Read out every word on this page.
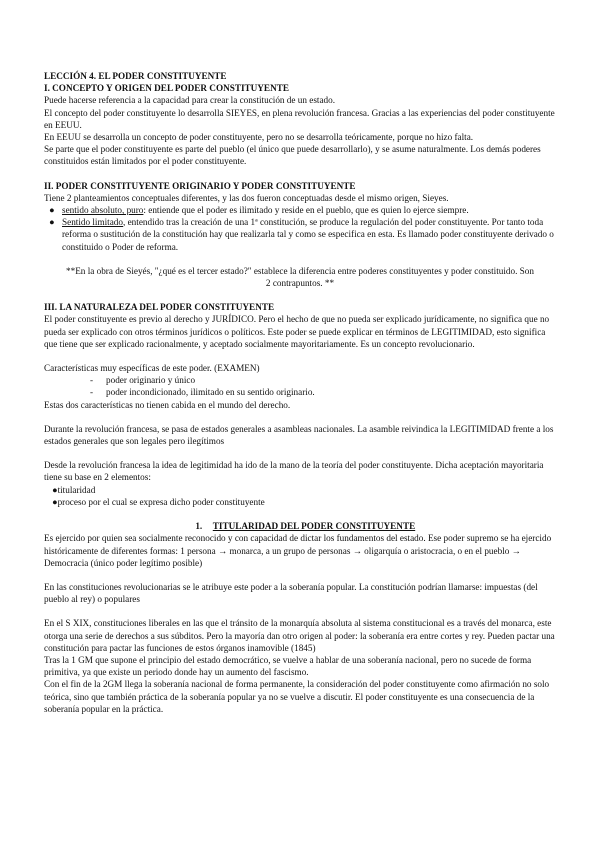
LECCIÓN 4. EL PODER CONSTITUYENTE

I. CONCEPTO Y ORIGEN DEL PODER CONSTITUYENTE

Puede hacerse referencia a la capacidad para crear la constitución de un estado.

El concepto del poder constituyente lo desarrolla SIEYES, en plena revolución francesa. Gracias a las experiencias del poder constituyente en EEUU.

En EEUU se desarrolla un concepto de poder constituyente, pero no se desarrolla teóricamente, porque no hizo falta.

Se parte que el poder constituyente es parte del pueblo (el único que puede desarrollarlo), y se asume naturalmente. Los demás poderes constituidos están limitados por el poder constituyente.

II. PODER CONSTITUYENTE ORIGINARIO Y PODER CONSTITUYENTE

Tiene 2 planteamientos conceptuales diferentes, y las dos fueron conceptuadas desde el mismo origen, Sieyes.

● sentido absoluto, puro: entiende que el poder es ilimitado y reside en el pueblo, que es quien lo ejerce siempre.
● Sentido limitado, entendido tras la creación de una 1ª constitución, se produce la regulación del poder constituyente. Por tanto toda reforma o sustitución de la constitución hay que realizarla tal y como se especifica en esta. Es llamado poder constituyente derivado o constituido o Poder de reforma.

**En la obra de Sieyés, "¿qué es el tercer estado?" establece la diferencia entre poderes constituyentes y poder constituido. Son 2 contrapuntos. **

III. LA NATURALEZA DEL PODER CONSTITUYENTE

El poder constituyente es previo al derecho y JURÍDICO. Pero el hecho de que no pueda ser explicado jurídicamente, no significa que no pueda ser explicado con otros términos jurídicos o políticos. Este poder se puede explicar en términos de LEGITIMIDAD, esto significa que tiene que ser explicado racionalmente, y aceptado socialmente mayoritariamente. Es un concepto revolucionario.

Características muy específicas de este poder. (EXAMEN)

- poder originario y único
- poder incondicionado, ilimitado en su sentido originario.

Estas dos características no tienen cabida en el mundo del derecho.

Durante la revolución francesa, se pasa de estados generales a asambleas nacionales. La asamble reivindica la LEGITIMIDAD frente a los estados generales que son legales pero ilegítimos

Desde la revolución francesa la idea de legitimidad ha ido de la mano de la teoría del poder constituyente. Dicha aceptación mayoritaria tiene su base en 2 elementos:

●titularidad
●proceso por el cual se expresa dicho poder constituyente

1. TITULARIDAD DEL PODER CONSTITUYENTE

Es ejercido por quien sea socialmente reconocido y con capacidad de dictar los fundamentos del estado. Ese poder supremo se ha ejercido históricamente de diferentes formas: 1 persona → monarca, a un grupo de personas → oligarquía o aristocracia, o en el pueblo → Democracia (único poder legítimo posible)

En las constituciones revolucionarias se le atribuye este poder a la soberanía popular. La constitución podrían llamarse: impuestas (del pueblo al rey) o populares

En el S XIX, constituciones liberales en las que el tránsito de la monarquía absoluta al sistema constitucional es a través del monarca, este otorga una serie de derechos a sus súbditos. Pero la mayoría dan otro origen al poder: la soberanía era entre cortes y rey. Pueden pactar una constitución para pactar las funciones de estos órganos inamovible (1845)

Tras la 1 GM que supone el principio del estado democrático, se vuelve a hablar de una soberanía nacional, pero no sucede de forma primitiva, ya que existe un periodo donde hay un aumento del fascismo.

Con el fin de la 2GM llega la soberanía nacional de forma permanente, la consideración del poder constituyente como afirmación no solo teórica, sino que también práctica de la soberanía popular ya no se vuelve a discutir. El poder constituyente es una consecuencia de la soberanía popular en la práctica.
